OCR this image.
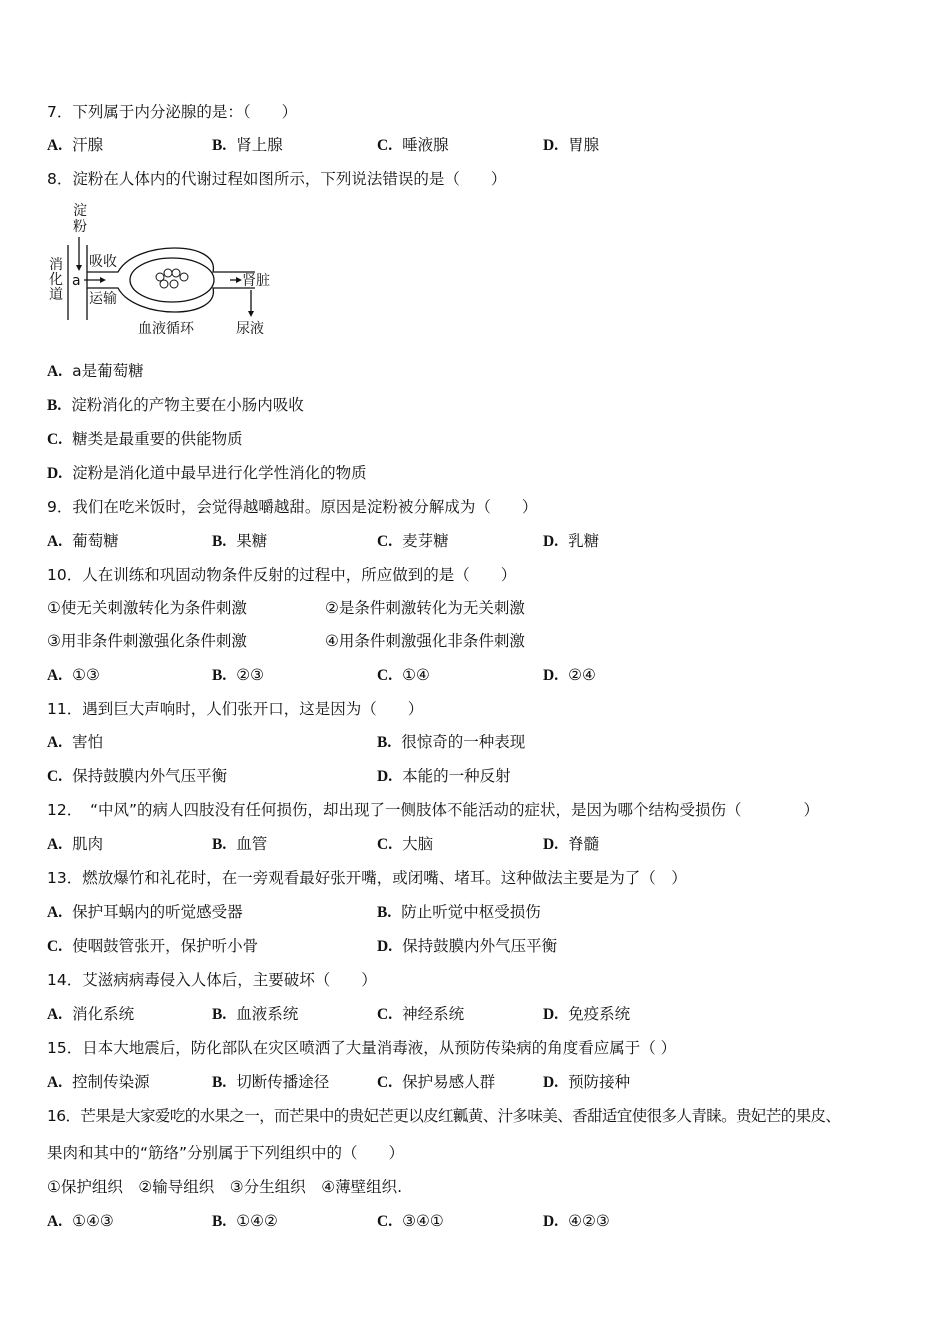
7．下列属于内分泌腺的是：（　　）
A. 汗腺	B. 肾上腺	C. 唾液腺	D. 胃腺
8．淀粉在人体内的代谢过程如图所示，下列说法错误的是（　　）
淀
粉
消
化
道
a
吸收
运输
肾脏
尿液
血液循环
A. a是葡萄糖
B. 淀粉消化的产物主要在小肠内吸收
C. 糖类是最重要的供能物质
D. 淀粉是消化道中最早进行化学性消化的物质
9．我们在吃米饭时，会觉得越嚼越甜。原因是淀粉被分解成为（　　）
A. 葡萄糖	B. 果糖	C. 麦芽糖	D. 乳糖
10．人在训练和巩固动物条件反射的过程中，所应做到的是（　　）
①使无关刺激转化为条件刺激	②是条件刺激转化为无关刺激
③用非条件刺激强化条件刺激	④用条件刺激强化非条件刺激
A. ①③	B. ②③	C. ①④	D. ②④
11．遇到巨大声响时，人们张开口，这是因为（　　）
A. 害怕	B. 很惊奇的一种表现
C. 保持鼓膜内外气压平衡	D. 本能的一种反射
12．　“中风”的病人四肢没有任何损伤，却出现了一侧肢体不能活动的症状，是因为哪个结构受损伤（　　　　）
A. 肌肉	B. 血管	C. 大脑	D. 脊髓
13．燃放爆竹和礼花时，在一旁观看最好张开嘴，或闭嘴、堵耳。这种做法主要是为了（　）
A. 保护耳蜗内的听觉感受器	B. 防止听觉中枢受损伤
C. 使咽鼓管张开，保护听小骨	D. 保持鼓膜内外气压平衡
14．艾滋病病毒侵入人体后，主要破坏（　　）
A. 消化系统	B. 血液系统	C. 神经系统	D. 免疫系统
15．日本大地震后，防化部队在灾区喷洒了大量消毒液，从预防传染病的角度看应属于（ ）
A. 控制传染源	B. 切断传播途径	C. 保护易感人群	D. 预防接种
16．芒果是大家爱吃的水果之一，而芒果中的贵妃芒更以皮红瓤黄、汁多味美、香甜适宜使很多人青睐。贵妃芒的果皮、
果肉和其中的“筋络”分别属于下列组织中的（　　）
①保护组织　②输导组织　③分生组织　④薄壁组织.
A. ①④③	B. ①④②	C. ③④①	D. ④②③
